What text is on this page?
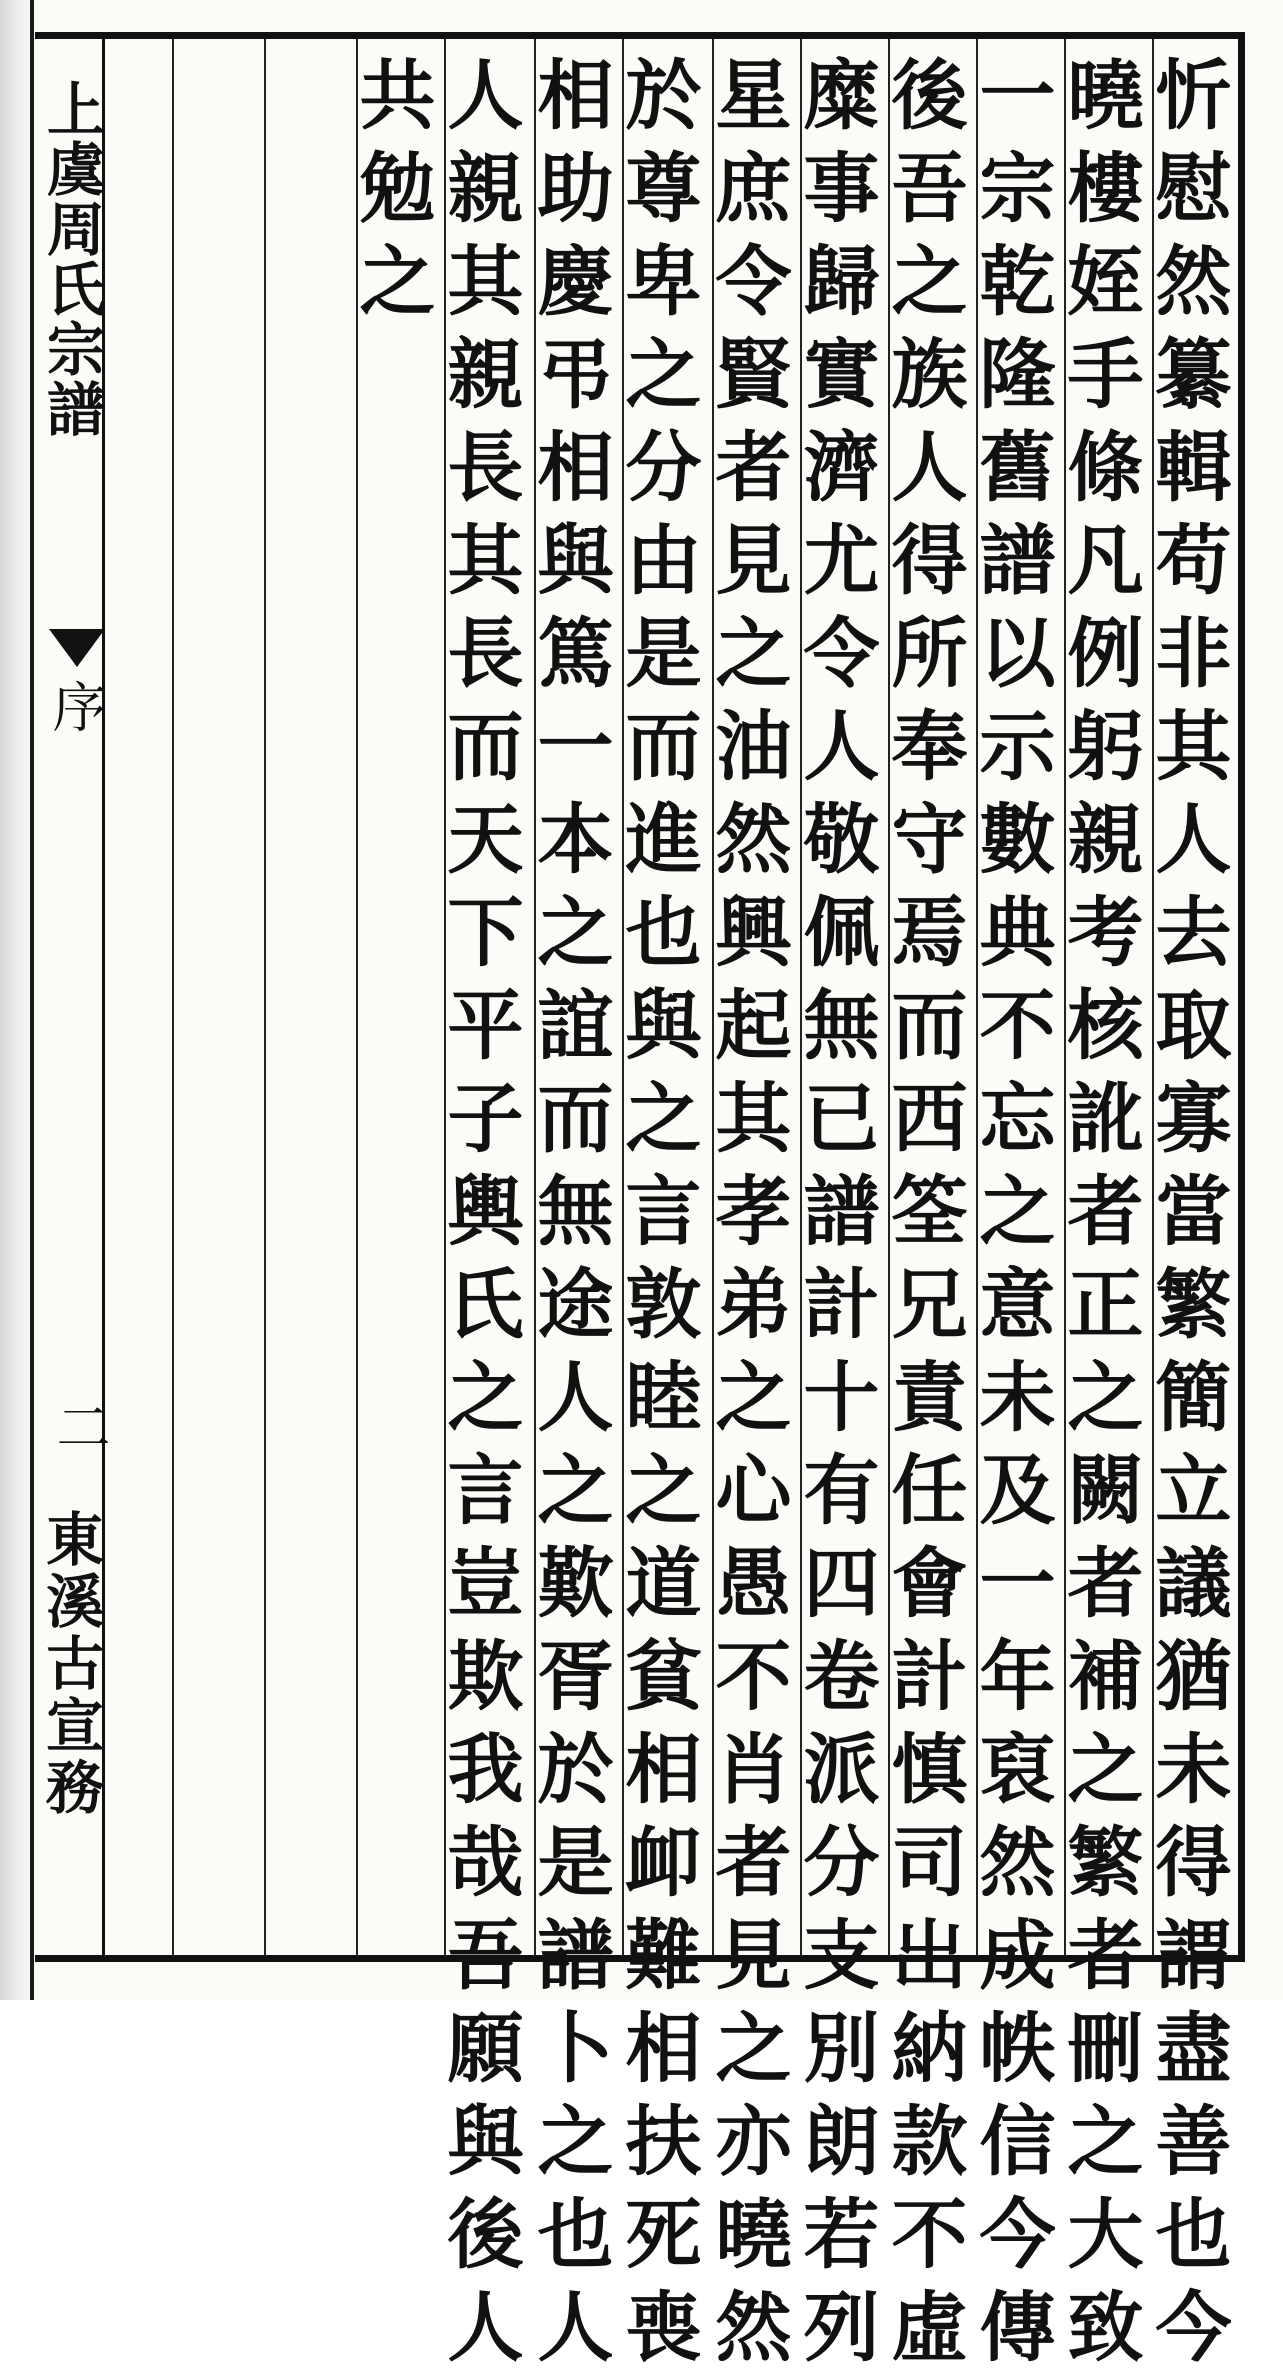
上虞周氏宗譜
序
二
東溪古宣務	忻慰然纂輯苟非其人去取寡當繁簡立議猶未得謂盡善也今
曉樓姪手條凡例躬親考核訛者正之闕者補之繁者刪之大致
一宗乾隆舊譜以示數典不忘之意未及一年裒然成帙信今傳
後吾之族人得所奉守焉而西筌兄責任會計慎司出納款不虛
糜事歸實濟尤令人敬佩無已譜計十有四卷派分支別朗若列
星庶令賢者見之油然興起其孝弟之心愚不肖者見之亦曉然
於尊卑之分由是而進也與之言敦睦之道貧相卹難相扶死喪
相助慶弔相與篤一本之誼而無途人之歎胥於是譜卜之也人
人親其親長其長而天下平子輿氏之言豈欺我哉吾願與後人
共勉之
